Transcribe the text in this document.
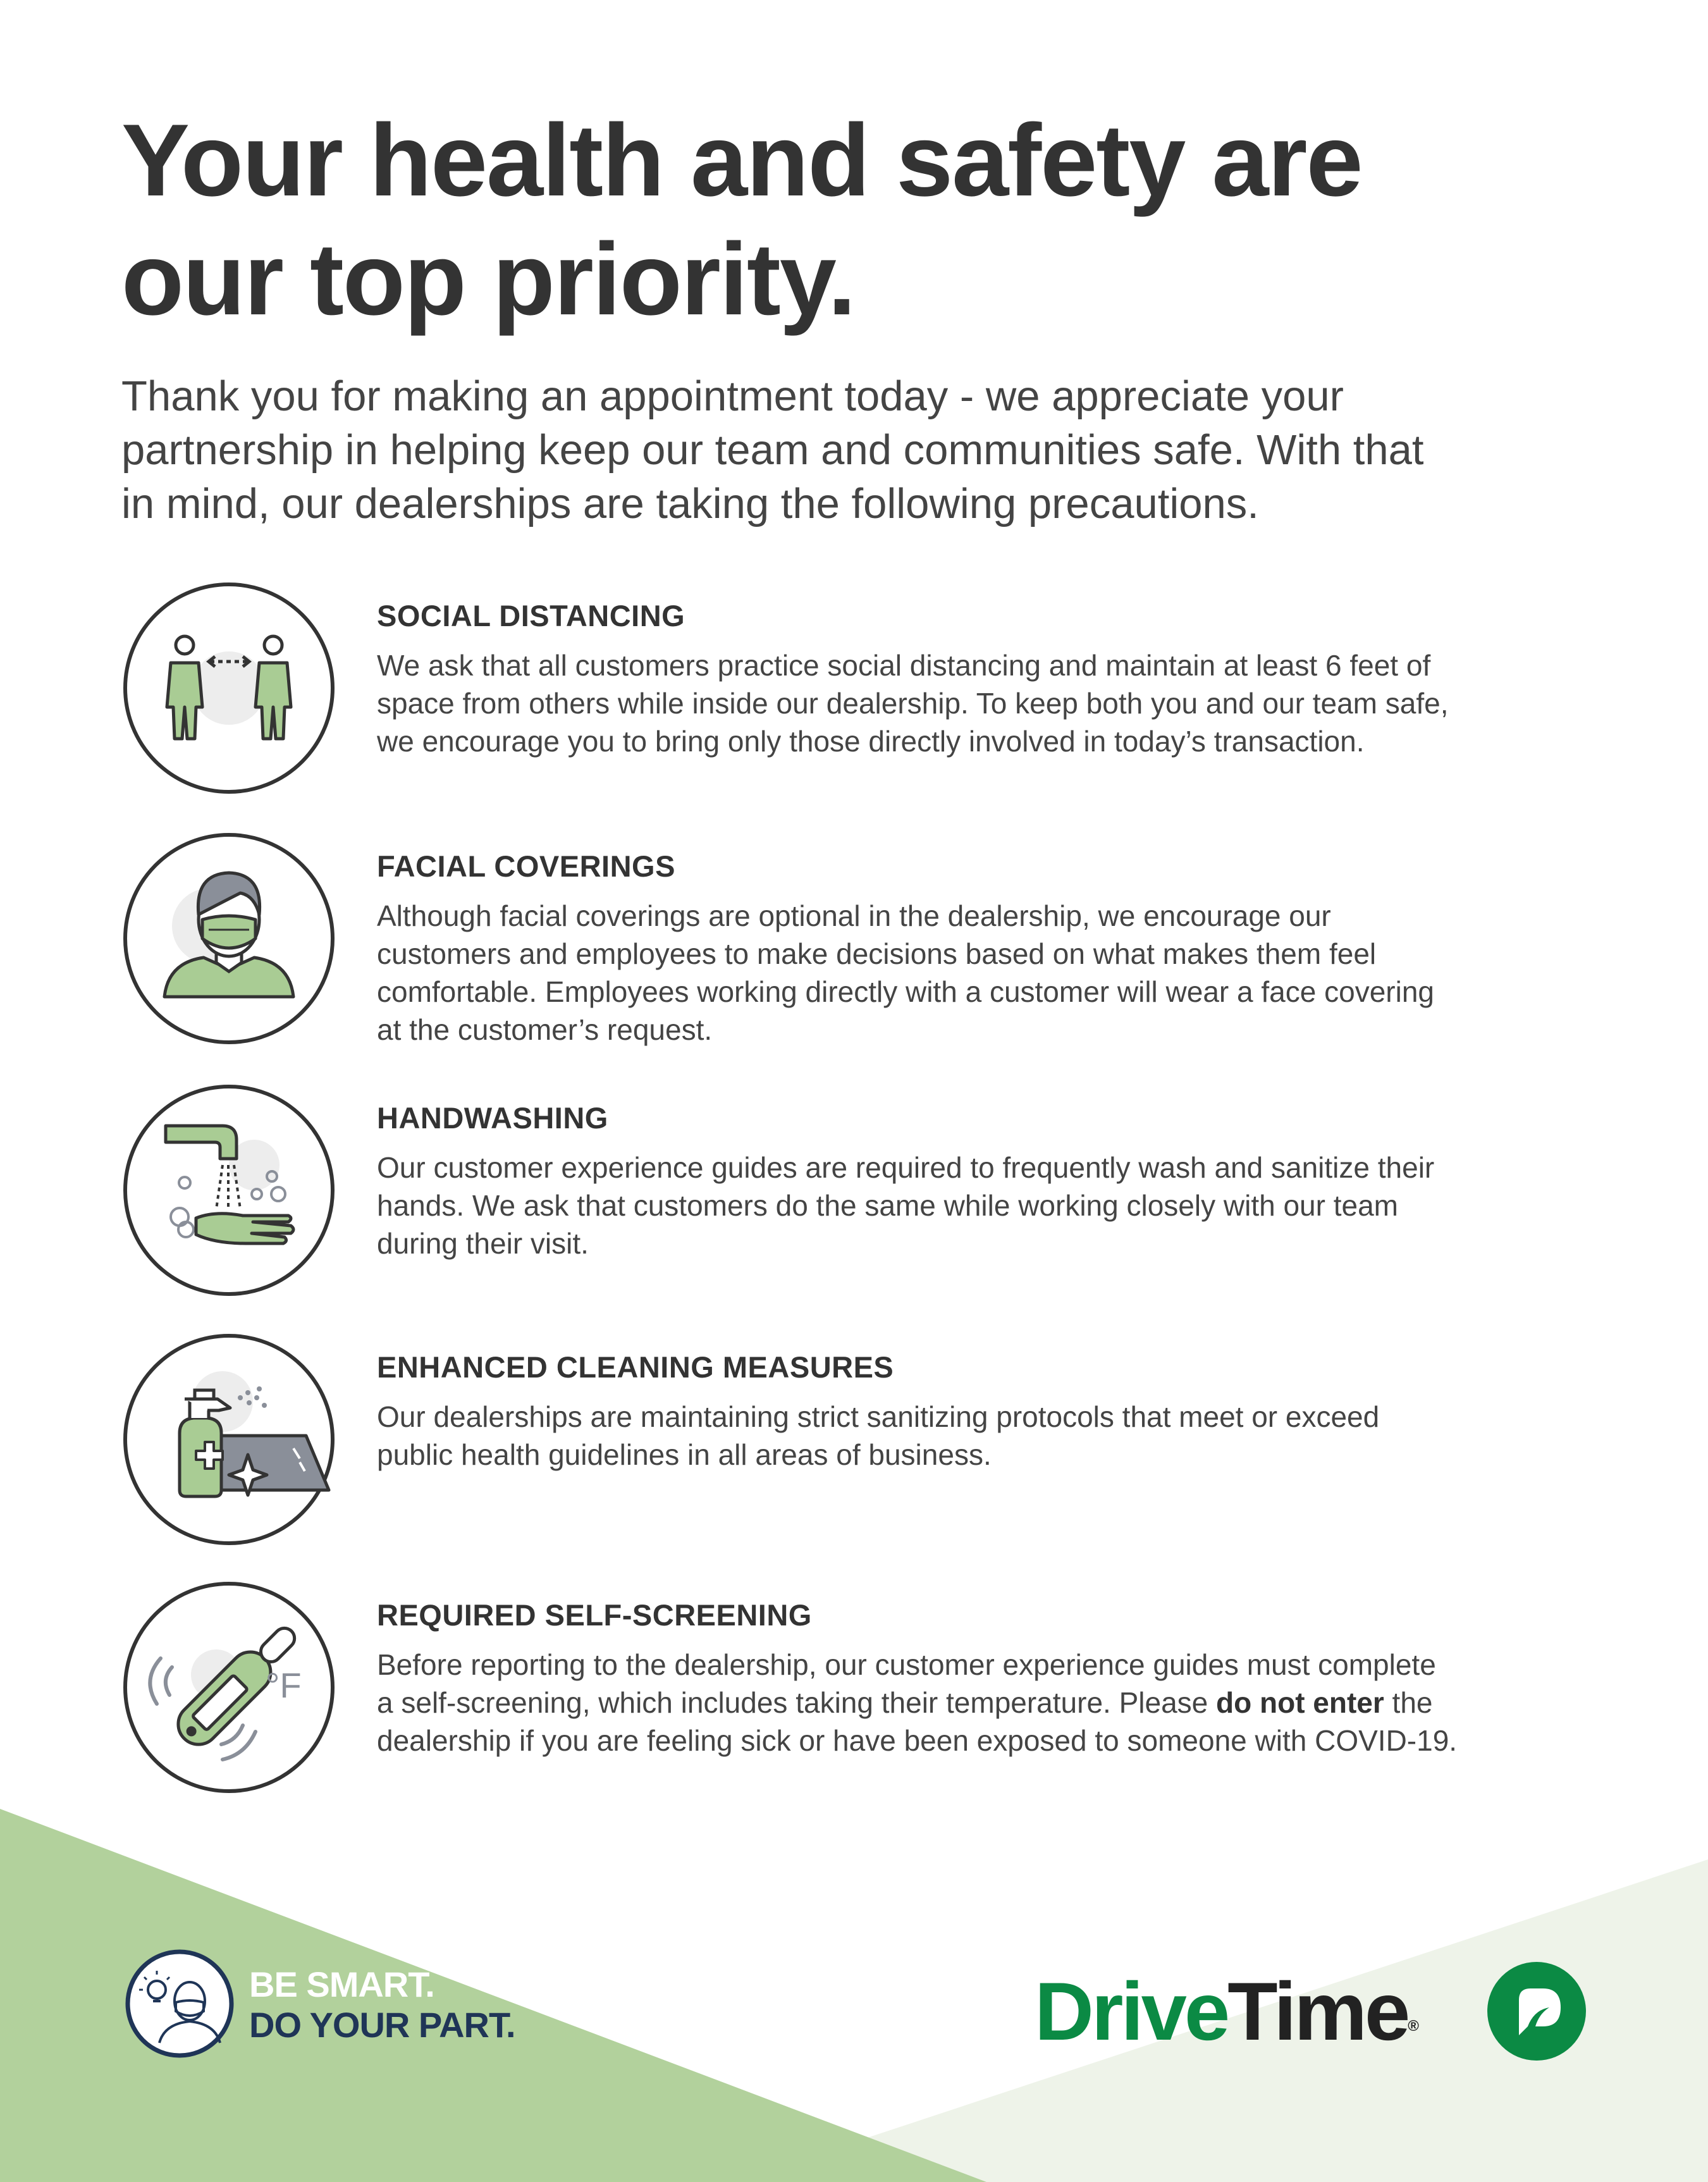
Your health and safety are
our top priority.

Thank you for making an appointment today - we appreciate your
partnership in helping keep our team and communities safe. With that
in mind, our dealerships are taking the following precautions.

SOCIAL DISTANCING
We ask that all customers practice social distancing and maintain at least 6 feet of
space from others while inside our dealership. To keep both you and our team safe,
we encourage you to bring only those directly involved in today’s transaction.
FACIAL COVERINGS
Although facial coverings are optional in the dealership, we encourage our
customers and employees to make decisions based on what makes them feel
comfortable. Employees working directly with a customer will wear a face covering
at the customer’s request.
HANDWASHING
Our customer experience guides are required to frequently wash and sanitize their
hands. We ask that customers do the same while working closely with our team
during their visit.
ENHANCED CLEANING MEASURES
Our dealerships are maintaining strict sanitizing protocols that meet or exceed
public health guidelines in all areas of business.
°F
REQUIRED SELF-SCREENING
Before reporting to the dealership, our customer experience guides must complete
a self-screening, which includes taking their temperature. Please do not enter the
dealership if you are feeling sick or have been exposed to someone with COVID-19.
BE SMART.
DO YOUR PART.	DriveTime®
